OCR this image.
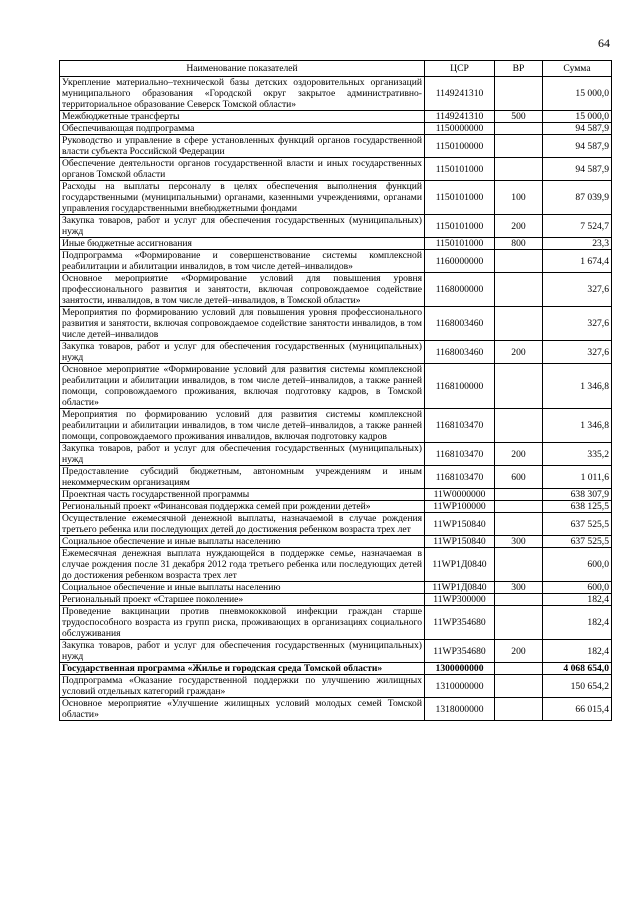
64
Наименование показателей	ЦСР	ВР	Сумма
Укрепление материально–технической базы детских оздоровительных организаций муниципального образования «Городской округ закрытое административно- территориальное образование Северск Томской области»	1149241310		15 000,0
Межбюджетные трансферты	1149241310	500	15 000,0
Обеспечивающая подпрограмма	1150000000		94 587,9
Руководство и управление в сфере установленных функций органов государственной власти субъекта Российской Федерации	1150100000		94 587,9
Обеспечение деятельности органов государственной власти и иных государственных органов Томской области	1150101000		94 587,9
Расходы на выплаты персоналу в целях обеспечения выполнения функций государственными (муниципальными) органами, казенными учреждениями, органами управления государственными внебюджетными фондами	1150101000	100	87 039,9
Закупка товаров, работ и услуг для обеспечения государственных (муниципальных) нужд	1150101000	200	7 524,7
Иные бюджетные ассигнования	1150101000	800	23,3
Подпрограмма «Формирование и совершенствование системы комплексной реабилитации и абилитации инвалидов, в том числе детей–инвалидов»	1160000000		1 674,4
Основное мероприятие «Формирование условий для повышения уровня профессионального развития и занятости, включая сопровождаемое содействие занятости, инвалидов, в том числе детей–инвалидов, в Томской области»	1168000000		327,6
Мероприятия по формированию условий для повышения уровня профессионального развития и занятости, включая сопровождаемое содействие занятости инвалидов, в том числе детей–инвалидов	1168003460		327,6
Закупка товаров, работ и услуг для обеспечения государственных (муниципальных) нужд	1168003460	200	327,6
Основное мероприятие «Формирование условий для развития системы комплексной реабилитации и абилитации инвалидов, в том числе детей–инвалидов, а также ранней помощи, сопровождаемого проживания, включая подготовку кадров, в Томской области»	1168100000		1 346,8
Мероприятия по формированию условий для развития системы комплексной реабилитации и абилитации инвалидов, в том числе детей–инвалидов, а также ранней помощи, сопровождаемого проживания инвалидов, включая подготовку кадров	1168103470		1 346,8
Закупка товаров, работ и услуг для обеспечения государственных (муниципальных) нужд	1168103470	200	335,2
Предоставление субсидий бюджетным, автономным учреждениям и иным некоммерческим организациям	1168103470	600	1 011,6
Проектная часть государственной программы	11W0000000		638 307,9
Региональный проект «Финансовая поддержка семей при рождении детей»	11WP100000		638 125,5
Осуществление ежемесячной денежной выплаты, назначаемой в случае рождения третьего ребенка или последующих детей до достижения ребенком возраста трех лет	11WP150840		637 525,5
Социальное обеспечение и иные выплаты населению	11WP150840	300	637 525,5
Ежемесячная денежная выплата нуждающейся в поддержке семье, назначаемая в случае рождения после 31 декабря 2012 года третьего ребенка или последующих детей до достижения ребенком возраста трех лет	11WP1Д0840		600,0
Социальное обеспечение и иные выплаты населению	11WP1Д0840	300	600,0
Региональный проект «Старшее поколение»	11WP300000		182,4
Проведение вакцинации против пневмококковой инфекции граждан старше трудоспособного возраста из групп риска, проживающих в организациях социального обслуживания	11WP354680		182,4
Закупка товаров, работ и услуг для обеспечения государственных (муниципальных) нужд	11WP354680	200	182,4
Государственная программа «Жилье и городская среда Томской области»	1300000000		4 068 654,0
Подпрограмма «Оказание государственной поддержки по улучшению жилищных условий отдельных категорий граждан»	1310000000		150 654,2
Основное мероприятие «Улучшение жилищных условий молодых семей Томской области»	1318000000		66 015,4
